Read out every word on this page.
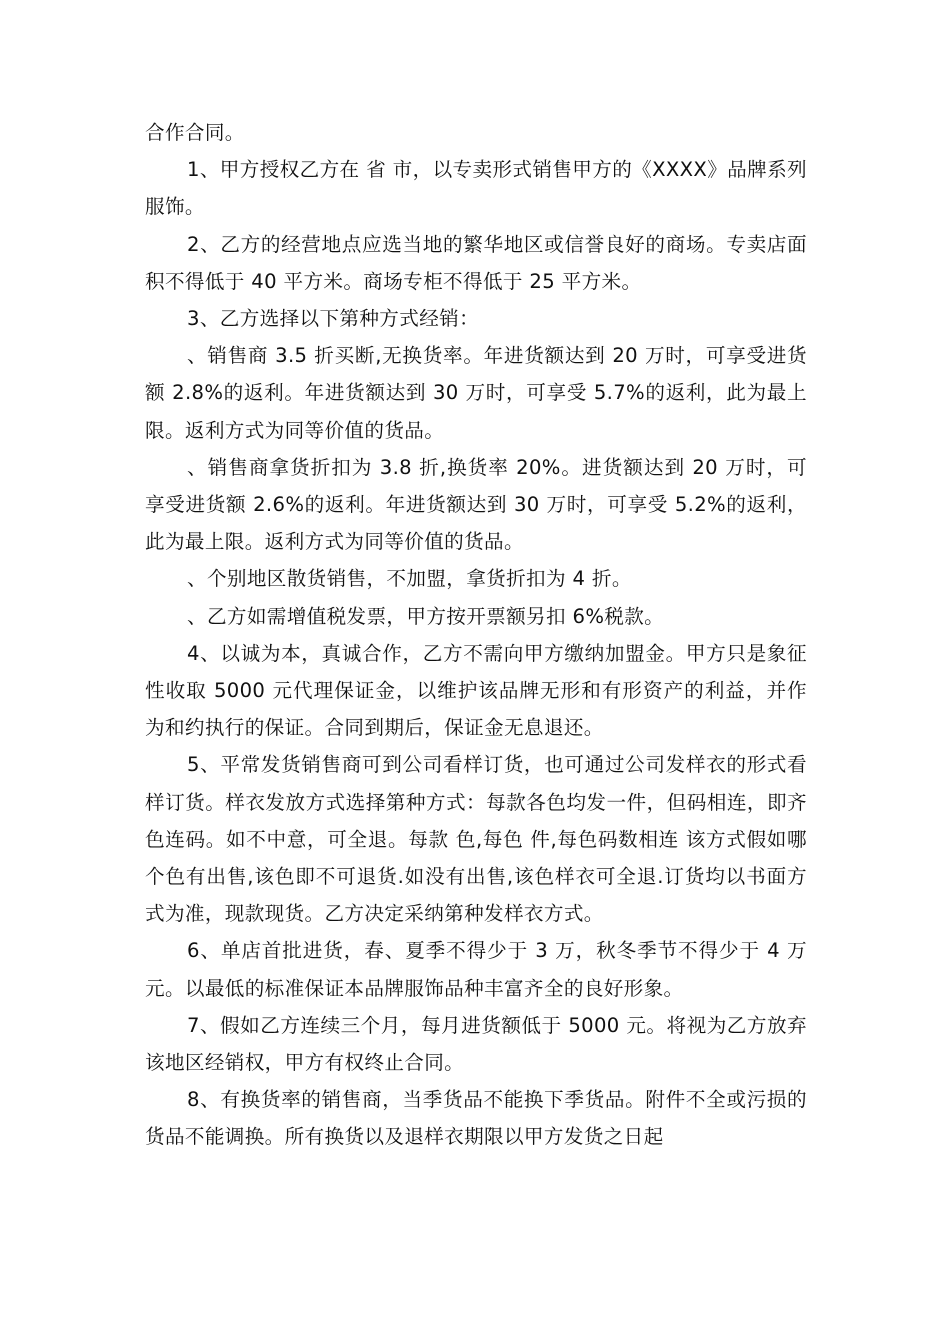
合作合同。

1、甲方授权乙方在 省 市，以专卖形式销售甲方的《XXXX》品牌系列服饰。

2、乙方的经营地点应选当地的繁华地区或信誉良好的商场。专卖店面积不得低于 40 平方米。商场专柜不得低于 25 平方米。

3、乙方选择以下第种方式经销：

、销售商 3.5 折买断,无换货率。年进货额达到 20 万时，可享受进货额 2.8%的返利。年进货额达到 30 万时，可享受 5.7%的返利，此为最上限。返利方式为同等价值的货品。

、销售商拿货折扣为 3.8 折,换货率 20%。进货额达到 20 万时，可享受进货额 2.6%的返利。年进货额达到 30 万时，可享受 5.2%的返利，此为最上限。返利方式为同等价值的货品。

、个别地区散货销售，不加盟，拿货折扣为 4 折。

、乙方如需增值税发票，甲方按开票额另扣 6%税款。

4、以诚为本，真诚合作，乙方不需向甲方缴纳加盟金。甲方只是象征性收取 5000 元代理保证金，以维护该品牌无形和有形资产的利益，并作为和约执行的保证。合同到期后，保证金无息退还。

5、平常发货销售商可到公司看样订货，也可通过公司发样衣的形式看样订货。样衣发放方式选择第种方式：每款各色均发一件，但码相连，即齐色连码。如不中意，可全退。每款 色,每色 件,每色码数相连 该方式假如哪个色有出售,该色即不可退货.如没有出售,该色样衣可全退.订货均以书面方式为准，现款现货。乙方决定采纳第种发样衣方式。

6、单店首批进货，春、夏季不得少于 3 万，秋冬季节不得少于 4 万元。以最低的标准保证本品牌服饰品种丰富齐全的良好形象。

7、假如乙方连续三个月，每月进货额低于 5000 元。将视为乙方放弃该地区经销权，甲方有权终止合同。

8、有换货率的销售商，当季货品不能换下季货品。附件不全或污损的货品不能调换。所有换货以及退样衣期限以甲方发货之日起
